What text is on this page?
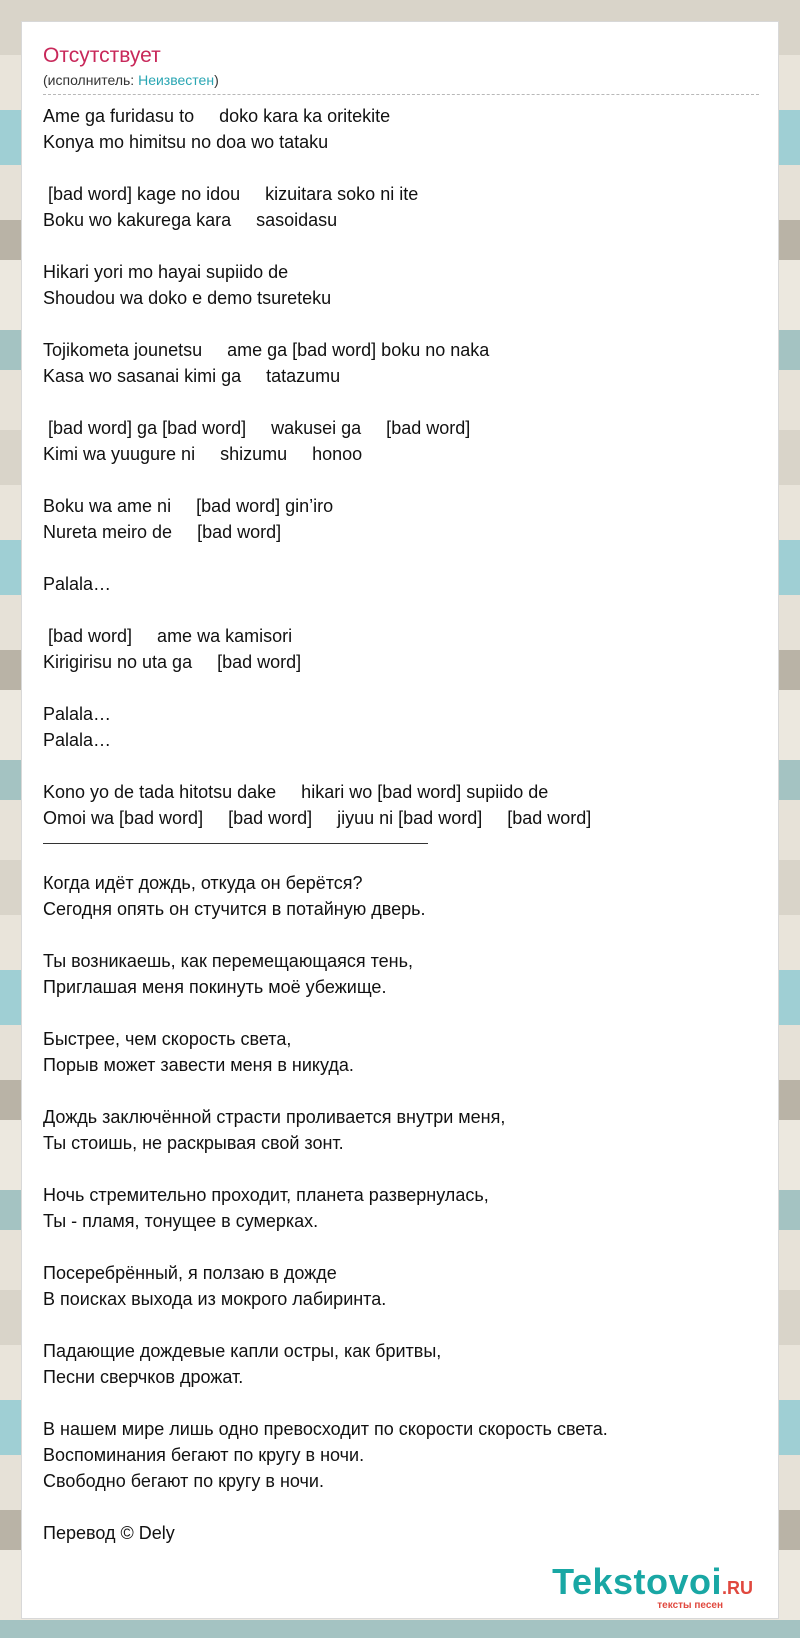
Отсутствует
(исполнитель: Неизвестен)
Ame ga furidasu to     doko kara ka oritekite
Konya mo himitsu no doa wo tataku
[bad word] kage no idou     kizuitara soko ni ite
Boku wo kakurega kara     sasoidasu
Hikari yori mo hayai supiido de
Shoudou wa doko e demo tsureteku
Tojikometa jounetsu     ame ga [bad word] boku no naka
Kasa wo sasanai kimi ga     tatazumu
[bad word] ga [bad word]     wakusei ga     [bad word]
Kimi wa yuugure ni     shizumu     honoo
Boku wa ame ni     [bad word] gin’iro
Nureta meiro de     [bad word]
Palala…
[bad word]     ame wa kamisori
Kirigirisu no uta ga     [bad word]
Palala…
Palala…
Kono yo de tada hitotsu dake     hikari wo [bad word] supiido de
Omoi wa [bad word]     [bad word]     jiyuu ni [bad word]     [bad word]
Когда идёт дождь, откуда он берётся?
Сегодня опять он стучится в потайную дверь.
Ты возникаешь, как перемещающаяся тень,
Приглашая меня покинуть моё убежище.
Быстрее, чем скорость света,
Порыв может завести меня в никуда.
Дождь заключённой страсти проливается внутри меня,
Ты стоишь, не раскрывая свой зонт.
Ночь стремительно проходит, планета развернулась,
Ты - пламя, тонущее в сумерках.
Посеребрённый, я ползаю в дожде
В поисках выхода из мокрого лабиринта.
Падающие дождевые капли остры, как бритвы,
Песни сверчков дрожат.
В нашем мире лишь одно превосходит по скорости скорость света.
Воспоминания бегают по кругу в ночи.
Свободно бегают по кругу в ночи.
Перевод © Dely
Tekstovoi.RU
тексты песен
